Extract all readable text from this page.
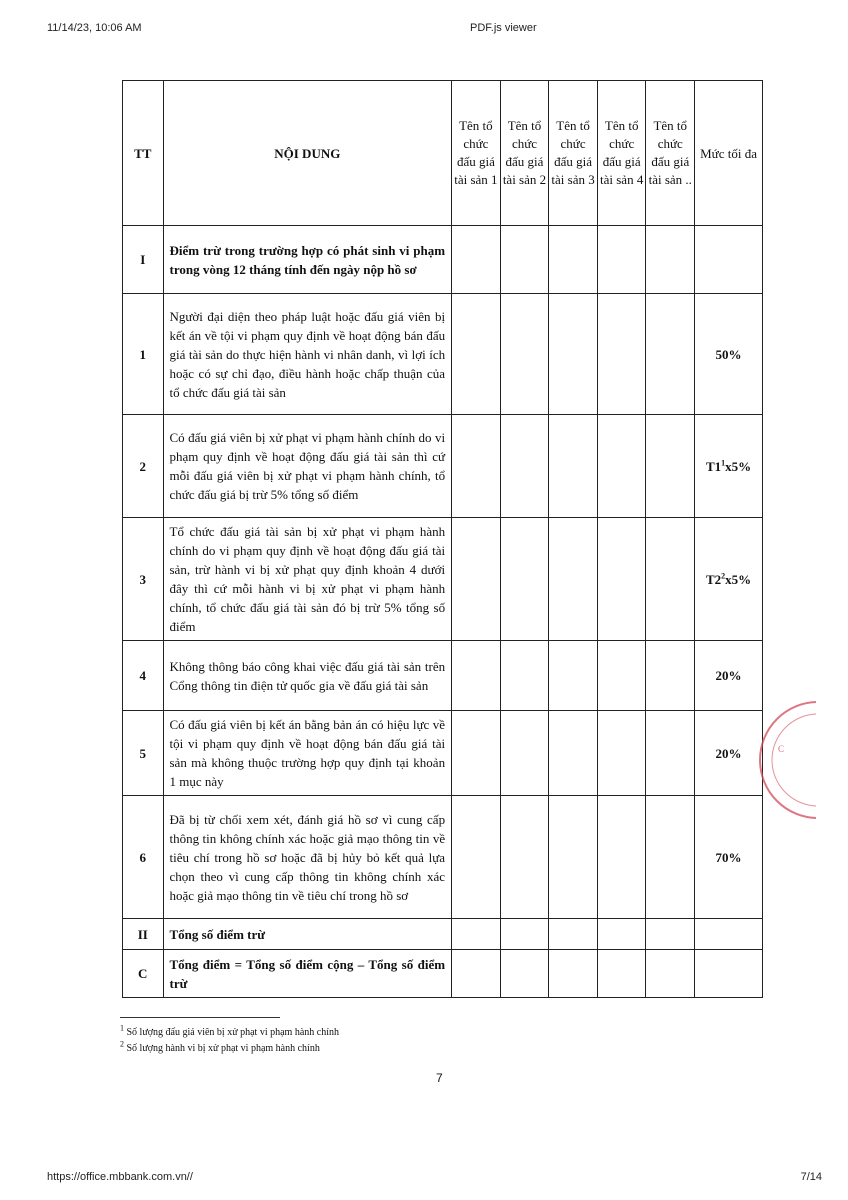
11/14/23, 10:06 AM	PDF.js viewer
TT	NỘI DUNG	Tên tổ chức đấu giá tài sản 1	Tên tổ chức đấu giá tài sản 2	Tên tổ chức đấu giá tài sản 3	Tên tổ chức đấu giá tài sản 4	Tên tổ chức đấu giá tài sản ..	Mức tối đa
I	Điểm trừ trong trường hợp có phát sinh vi phạm trong vòng 12 tháng tính đến ngày nộp hồ sơ						

1	Người đại diện theo pháp luật hoặc đấu giá viên bị kết án về tội vi phạm quy định về hoạt động bán đấu giá tài sản do thực hiện hành vi nhân danh, vì lợi ích hoặc có sự chỉ đạo, điều hành hoặc chấp thuận của tổ chức đấu giá tài sản						50%
2	Có đấu giá viên bị xử phạt vi phạm hành chính do vi phạm quy định về hoạt động đấu giá tài sản thì cứ mỗi đấu giá viên bị xử phạt vi phạm hành chính, tổ chức đấu giá bị trừ 5% tổng số điểm						$T1^1x5\%$
3	Tổ chức đấu giá tài sản bị xử phạt vi phạm hành chính do vi phạm quy định về hoạt động đấu giá tài sản, trừ hành vi bị xử phạt quy định khoản 4 dưới đây thì cứ mỗi hành vi bị xử phạt vi phạm hành chính, tổ chức đấu giá tài sản đó bị trừ 5% tổng số điểm						$T2^2x5\%$
4	Không thông báo công khai việc đấu giá tài sản trên Cổng thông tin điện tử quốc gia về đấu giá tài sản						20%
5	Có đấu giá viên bị kết án bằng bản án có hiệu lực về tội vi phạm quy định về hoạt động bán đấu giá tài sản mà không thuộc trường hợp quy định tại khoản 1 mục này						20%
6	Đã bị từ chối xem xét, đánh giá hồ sơ vì cung cấp thông tin không chính xác hoặc giả mạo thông tin về tiêu chí trong hồ sơ hoặc đã bị hủy bỏ kết quả lựa chọn theo vì cung cấp thông tin không chính xác hoặc giả mạo thông tin về tiêu chí trong hồ sơ						70%
II	Tổng số điểm trừ						

C	Tổng điểm = Tổng số điểm cộng – Tổng số điểm trừ						

$^1$ Số lượng đấu giá viên bị xử phạt vi phạm hành chính
$^2$ Số lượng hành vi bị xử phạt vi phạm hành chính
7
C
https://office.mbbank.com.vn//	7/14
